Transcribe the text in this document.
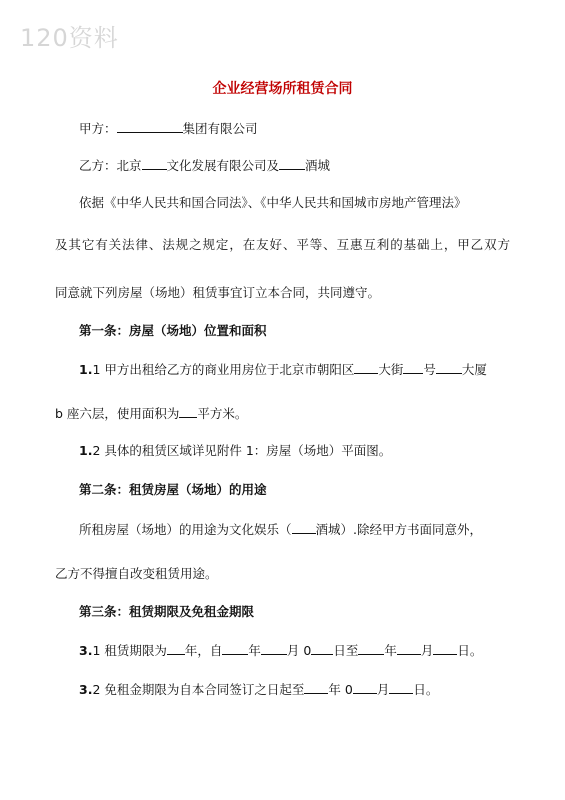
120资料
企业经营场所租赁合同
甲方：	集团有限公司
乙方：北京 文化发展有限公司及 酒城
依据《中华人民共和国合同法》、《中华人民共和国城市房地产管理法》
及其它有关法律、法规之规定，在友好、平等、互惠互利的基础上，甲乙双方
同意就下列房屋（场地）租赁事宜订立本合同，共同遵守。
第一条：房屋（场地）位置和面积
1.1 甲方出租给乙方的商业用房位于北京市朝阳区 大街 号 大厦
b 座六层，使用面积为 平方米。
1.2 具体的租赁区域详见附件 1：房屋（场地）平面图。
第二条：租赁房屋（场地）的用途
所租房屋（场地）的用途为文化娱乐（ 酒城）.除经甲方书面同意外，
乙方不得擅自改变租赁用途。
第三条：租赁期限及免租金期限
3.1 租赁期限为 年，自 年 月 0 日至 年 月 日。
3.2 免租金期限为自本合同签订之日起至 年 0 月 日。
